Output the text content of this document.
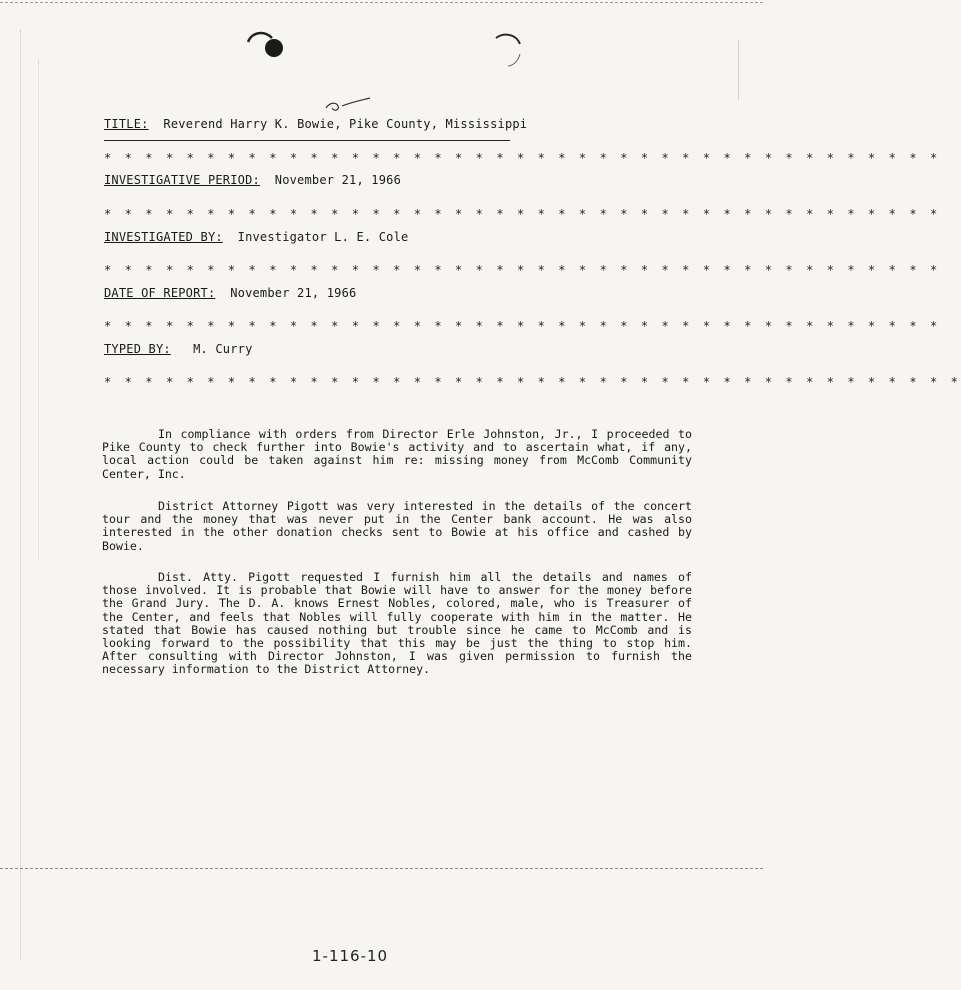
TITLE: Reverend Harry K. Bowie, Pike County, Mississippi
* * * * * * * * * * * * * * * * * * * * * * * * * * * * * * * * * * * * * * * * *
INVESTIGATIVE PERIOD: November 21, 1966
* * * * * * * * * * * * * * * * * * * * * * * * * * * * * * * * * * * * * * * * *
INVESTIGATED BY: Investigator L. E. Cole
* * * * * * * * * * * * * * * * * * * * * * * * * * * * * * * * * * * * * * * * *
DATE OF REPORT: November 21, 1966
* * * * * * * * * * * * * * * * * * * * * * * * * * * * * * * * * * * * * * * * *
TYPED BY: M. Curry
* * * * * * * * * * * * * * * * * * * * * * * * * * * * * * * * * * * * * * * * * *

In compliance with orders from Director Erle Johnston, Jr., I proceeded to Pike County to check further into Bowie's activity and to ascertain what, if any, local action could be taken against him re: missing money from McComb Community Center, Inc.

District Attorney Pigott was very interested in the details of the concert tour and the money that was never put in the Center bank account. He was also interested in the other donation checks sent to Bowie at his office and cashed by Bowie.

Dist. Atty. Pigott requested I furnish him all the details and names of those involved. It is probable that Bowie will have to answer for the money before the Grand Jury. The D. A. knows Ernest Nobles, colored, male, who is Treasurer of the Center, and feels that Nobles will fully cooperate with him in the matter. He stated that Bowie has caused nothing but trouble since he came to McComb and is looking forward to the possibility that this may be just the thing to stop him. After consulting with Director Johnston, I was given permission to furnish the necessary information to the District Attorney.

1-116-10
